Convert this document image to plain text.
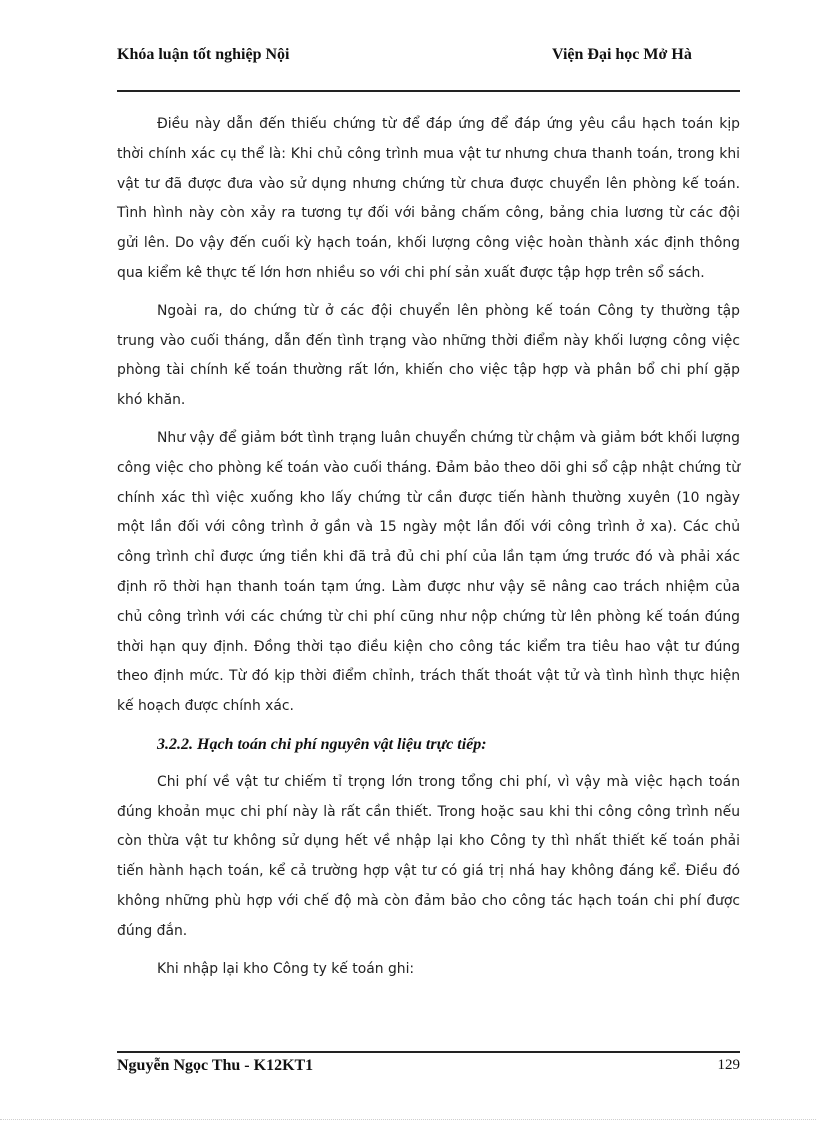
Khóa luận tốt nghiệp Nội	Viện Đại học Mở Hà

Điều này dẫn đến thiếu chứng từ để đáp ứng để đáp ứng yêu cầu hạch toán kịp thời chính xác cụ thể là: Khi chủ công trình mua vật tư nhưng chưa thanh toán, trong khi vật tư đã được đưa vào sử dụng nhưng chứng từ chưa được chuyển lên phòng kế toán. Tình hình này còn xảy ra tương tự đối với bảng chấm công, bảng chia lương từ các đội gửi lên. Do vậy đến cuối kỳ hạch toán, khối lượng công việc hoàn thành xác định thông qua kiểm kê thực tế lớn hơn nhiều so với chi phí sản xuất được tập hợp trên sổ sách.

Ngoài ra, do chứng từ ở các đội chuyển lên phòng kế toán Công ty thường tập trung vào cuối tháng, dẫn đến tình trạng vào những thời điểm này khối lượng công việc phòng tài chính kế toán thường rất lớn, khiến cho việc tập hợp và phân bổ chi phí gặp khó khăn.

Như vậy để giảm bớt tình trạng luân chuyển chứng từ chậm và giảm bớt khối lượng công việc cho phòng kế toán vào cuối tháng. Đảm bảo theo dõi ghi sổ cập nhật chứng từ chính xác thì việc xuống kho lấy chứng từ cần được tiến hành thường xuyên (10 ngày một lần đối với công trình ở gần và 15 ngày một lần đối với công trình ở xa). Các chủ công trình chỉ được ứng tiền khi đã trả đủ chi phí của lần tạm ứng trước đó và phải xác định rõ thời hạn thanh toán tạm ứng. Làm được như vậy sẽ nâng cao trách nhiệm của chủ công trình với các chứng từ chi phí cũng như nộp chứng từ lên phòng kế toán đúng thời hạn quy định. Đồng thời tạo điều kiện cho công tác kiểm tra tiêu hao vật tư đúng theo định mức. Từ đó kịp thời điểm chỉnh, trách thất thoát vật tử và tình hình thực hiện kế hoạch được chính xác.

3.2.2. Hạch toán chi phí nguyên vật liệu trực tiếp:

Chi phí về vật tư chiếm tỉ trọng lớn trong tổng chi phí, vì vậy mà việc hạch toán đúng khoản mục chi phí này là rất cần thiết. Trong hoặc sau khi thi công công trình nếu còn thừa vật tư không sử dụng hết về nhập lại kho Công ty thì nhất thiết kế toán phải tiến hành hạch toán, kể cả trường hợp vật tư có giá trị nhá hay không đáng kể. Điều đó không những phù hợp với chế độ mà còn đảm bảo cho công tác hạch toán chi phí được đúng đắn.

Khi nhập lại kho Công ty kế toán ghi:

Nguyễn Ngọc Thu - K12KT1	129
